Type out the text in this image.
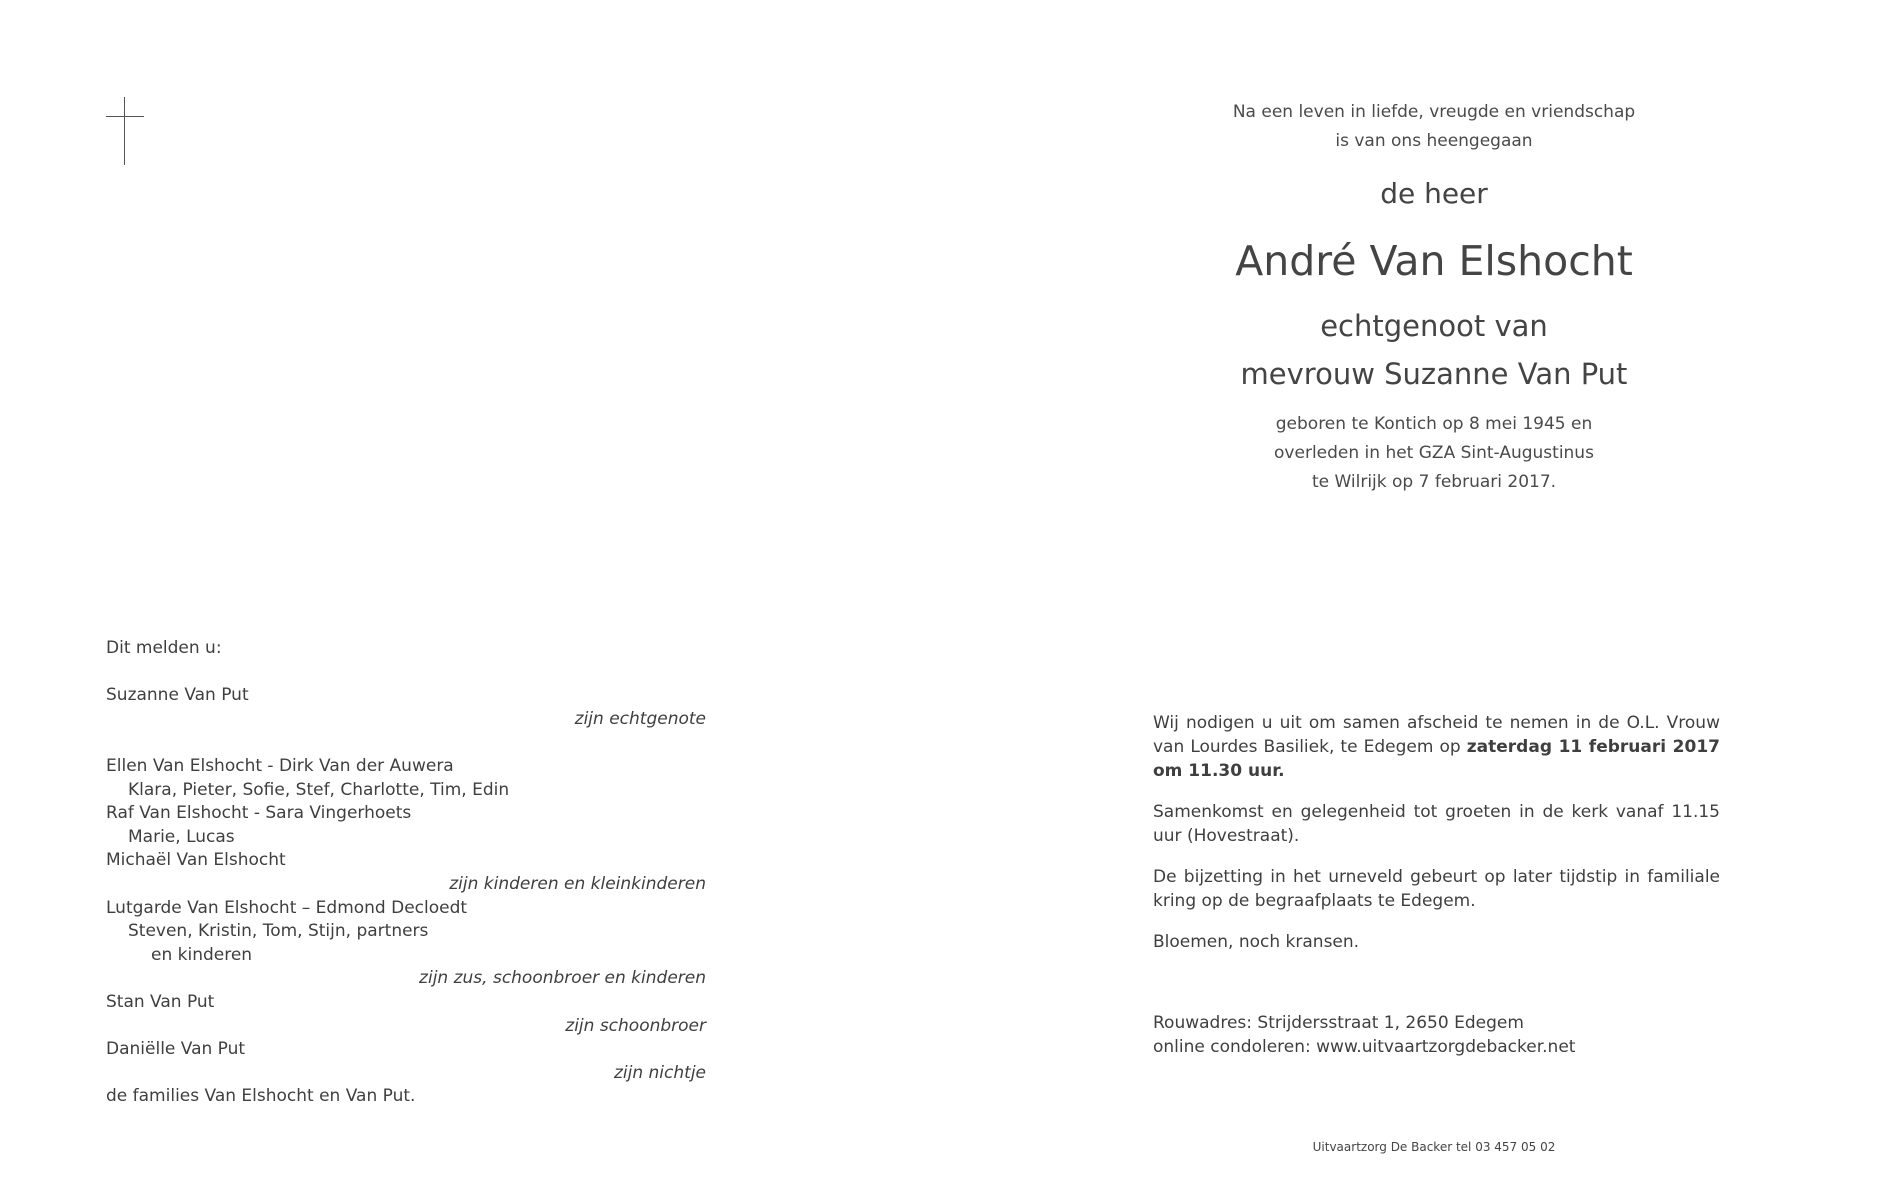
Na een leven in liefde, vreugde en vriendschap
is van ons heengegaan
de heer
André Van Elshocht
echtgenoot van
mevrouw Suzanne Van Put
geboren te Kontich op 8 mei 1945 en
overleden in het GZA Sint-Augustinus
te Wilrijk op 7 februari 2017.
Dit melden u:
Suzanne Van Put
zijn echtgenote
Ellen Van Elshocht - Dirk Van der Auwera
Klara, Pieter, Sofie, Stef, Charlotte, Tim, Edin
Raf Van Elshocht - Sara Vingerhoets
Marie, Lucas
Michaël Van Elshocht
zijn kinderen en kleinkinderen
Lutgarde Van Elshocht – Edmond Decloedt
Steven, Kristin, Tom, Stijn, partners
en kinderen
zijn zus, schoonbroer en kinderen
Stan Van Put
zijn schoonbroer
Daniëlle Van Put
zijn nichtje
de families Van Elshocht en Van Put.

Wij nodigen u uit om samen afscheid te nemen in de O.L. Vrouw van Lourdes Basiliek, te Edegem op zaterdag 11 februari 2017 om 11.30 uur.

Samenkomst en gelegenheid tot groeten in de kerk vanaf 11.15 uur (Hovestraat).

De bijzetting in het urneveld gebeurt op later tijdstip in familiale kring op de begraafplaats te Edegem.

Bloemen, noch kransen.

Rouwadres: Strijdersstraat 1, 2650 Edegem
online condoleren: www.uitvaartzorgdebacker.net
Uitvaartzorg De Backer tel 03 457 05 02
